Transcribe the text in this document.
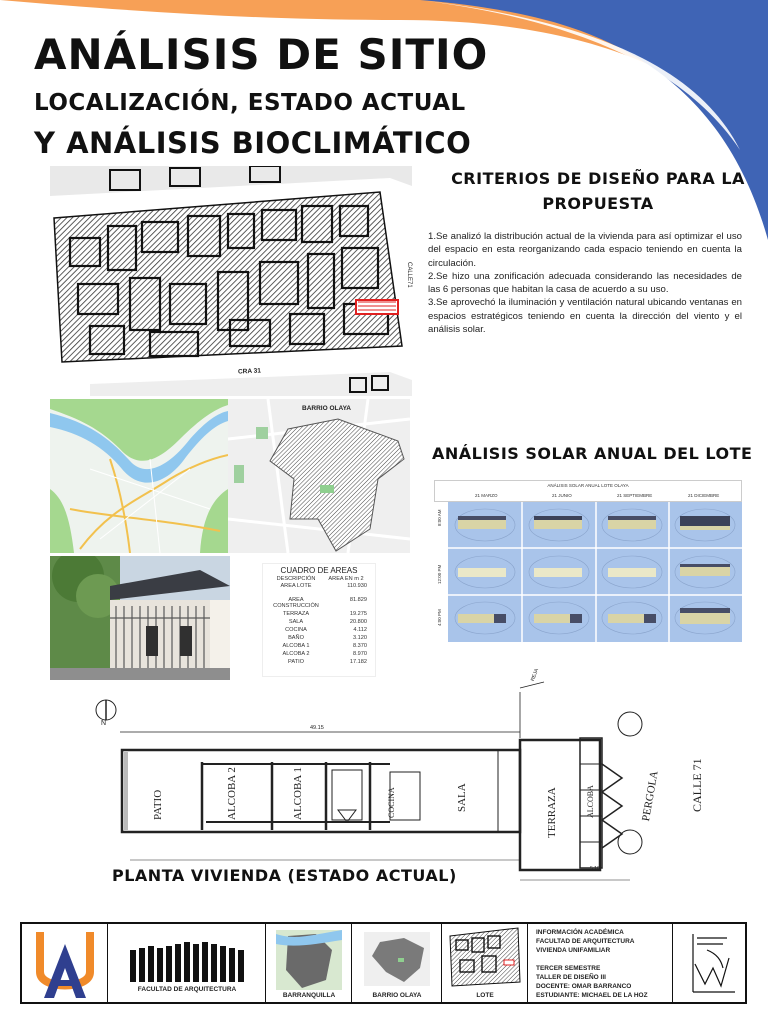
ANÁLISIS DE SITIO
LOCALIZACIÓN, ESTADO ACTUAL
Y ANÁLISIS BIOCLIMÁTICO
CALLE71
CRA 31
CRITERIOS DE DISEÑO PARA LA
PROPUESTA

1.Se analizó la distribución actual de la vivienda para así optimizar el uso del espacio en esta reorganizando cada espacio teniendo en cuenta la circulación.

2.Se hizo una zonificación adecuada considerando las necesidades de las 6 personas que habitan la casa de acuerdo a su uso.

3.Se aprovechó la iluminación y ventilación natural ubicando ventanas en espacios estratégicos teniendo en cuenta la dirección del viento y el análisis solar.

BARRIO OLAYA
ANÁLISIS SOLAR ANUAL DEL LOTE
ANÁLISIS SOLAR ANUAL LOTE OLAYA
21 MARZO	21 JUNIO	21 SEPTIEMBRE	21 DICIEMBRE
8:00 AM
12:00 PM
4:00 PM
CUADRO DE AREAS
DESCRIPCIÓN	AREA EN m 2
AREA LOTE	110.930
AREA CONSTRUCCIÓN
81.829
TERRAZA	19.275
SALA	20.800
COCINA	4.112
BAÑO	3.120
ALCOBA 1	8.370
ALCOBA 2	8.970
PATIO	17.182
N
49.15
REJA
5.10
PATIO	ALCOBA 2	ALCOBA 1	COCINA	SALA	TERRAZA	ALCOBA	PERGOLA CALLE 71
PLANTA VIVIENDA (ESTADO ACTUAL)
FACULTAD DE ARQUITECTURA
BARRANQUILLA	BARRIO OLAYA	LOTE
INFORMACIÓN ACADÉMICA
FACULTAD DE ARQUITECTURA
VIVIENDA UNIFAMILIAR
TERCER SEMESTRE
TALLER DE DISEÑO III
DOCENTE: OMAR BARRANCO
ESTUDIANTE: MICHAEL DE LA HOZ
